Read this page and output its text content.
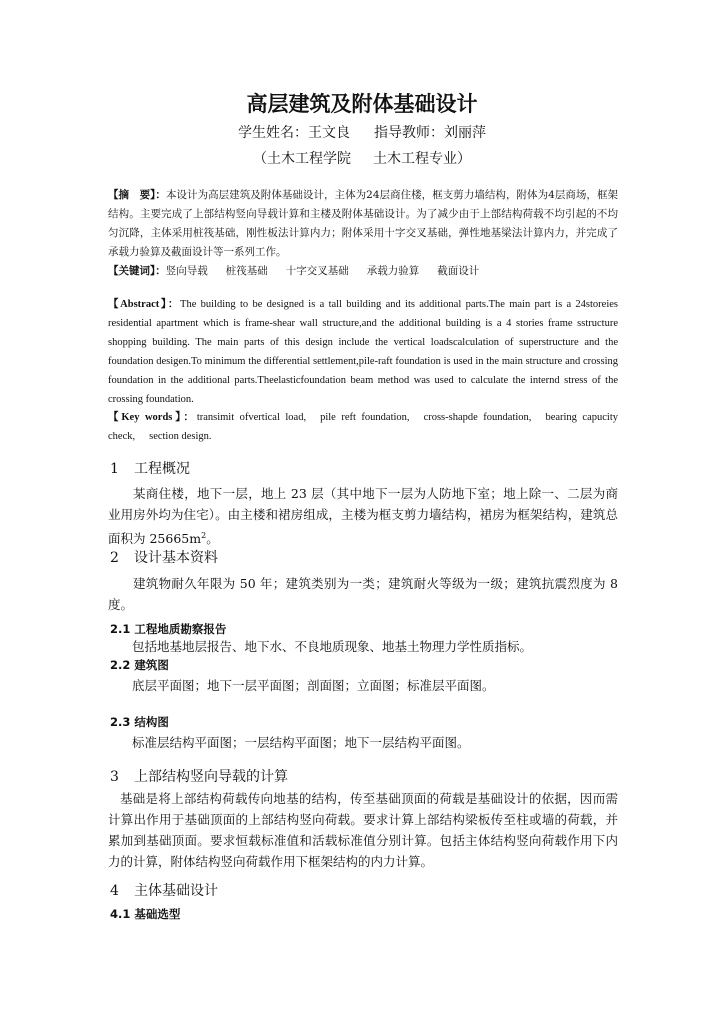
高层建筑及附体基础设计
学生姓名：王文良 指导教师：刘丽萍
（土木工程学院 土木工程专业）
【摘　要】：本设计为高层建筑及附体基础设计，主体为24层商住楼，框支剪力墙结构，附体为4层商场，框架结构。主要完成了上部结构竖向导载计算和主楼及附体基础设计。为了减少由于上部结构荷载不均引起的不均匀沉降，主体采用桩筏基础，刚性板法计算内力；附体采用十字交叉基础，弹性地基梁法计算内力，并完成了承载力验算及截面设计等一系列工作。
【关键词】：竖向导载 桩筏基础 十字交叉基础 承载力验算 截面设计
【Abstract】：The building to be designed is a tall building and its additional parts.The main part is a 24storeies residential apartment which is frame-shear wall structure,and the additional building is a 4 stories frame sstructure shopping building. The main parts of this design include the vertical loadscalculation of superstructure and the foundation desigen.To minimum the differential settlement,pile-raft foundation is used in the main structure and crossing foundation in the additional parts.Theelasticfoundation beam method was used to calculate the internd stress of the crossing foundation.
【Key words】：transimit ofvertical load, pile reft foundation, cross-shapde foundation, bearing capucity check, section design.
1 工程概况
某商住楼，地下一层，地上 23 层（其中地下一层为人防地下室；地上除一、二层为商业用房外均为住宅）。由主楼和裙房组成，主楼为框支剪力墙结构，裙房为框架结构，建筑总面积为 $25665m^2$。
2 设计基本资料
建筑物耐久年限为 50 年；建筑类别为一类；建筑耐火等级为一级；建筑抗震烈度为 8 度。
2.1 工程地质勘察报告
包括地基地层报告、地下水、不良地质现象、地基土物理力学性质指标。
2.2 建筑图
底层平面图；地下一层平面图；剖面图；立面图；标准层平面图。
2.3 结构图
标准层结构平面图；一层结构平面图；地下一层结构平面图。
3 上部结构竖向导载的计算
基础是将上部结构荷载传向地基的结构，传至基础顶面的荷载是基础设计的依据，因而需计算出作用于基础顶面的上部结构竖向荷载。要求计算上部结构梁板传至柱或墙的荷载，并累加到基础顶面。要求恒载标准值和活载标准值分别计算。包括主体结构竖向荷载作用下内力的计算，附体结构竖向荷载作用下框架结构的内力计算。
4 主体基础设计
4.1 基础选型
